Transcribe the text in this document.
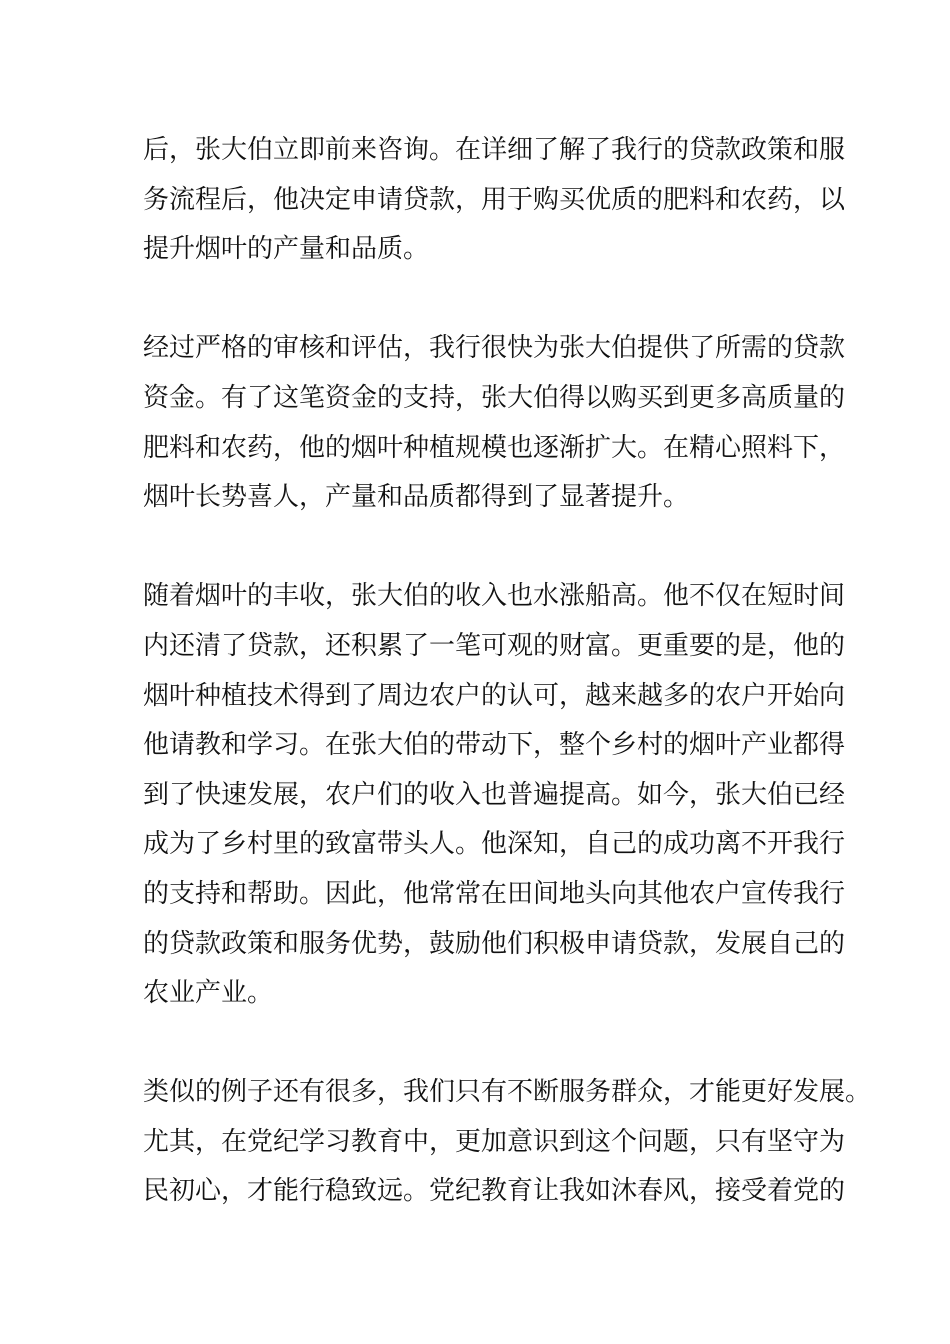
后，张大伯立即前来咨询。在详细了解了我行的贷款政策和服
务流程后，他决定申请贷款，用于购买优质的肥料和农药，以
提升烟叶的产量和品质。

经过严格的审核和评估，我行很快为张大伯提供了所需的贷款
资金。有了这笔资金的支持，张大伯得以购买到更多高质量的
肥料和农药，他的烟叶种植规模也逐渐扩大。在精心照料下，
烟叶长势喜人，产量和品质都得到了显著提升。

随着烟叶的丰收，张大伯的收入也水涨船高。他不仅在短时间
内还清了贷款，还积累了一笔可观的财富。更重要的是，他的
烟叶种植技术得到了周边农户的认可，越来越多的农户开始向
他请教和学习。在张大伯的带动下，整个乡村的烟叶产业都得
到了快速发展，农户们的收入也普遍提高。如今，张大伯已经
成为了乡村里的致富带头人。他深知，自己的成功离不开我行
的支持和帮助。因此，他常常在田间地头向其他农户宣传我行
的贷款政策和服务优势，鼓励他们积极申请贷款，发展自己的
农业产业。

类似的例子还有很多，我们只有不断服务群众，才能更好发展。
尤其，在党纪学习教育中，更加意识到这个问题，只有坚守为
民初心，才能行稳致远。党纪教育让我如沐春风，接受着党的
